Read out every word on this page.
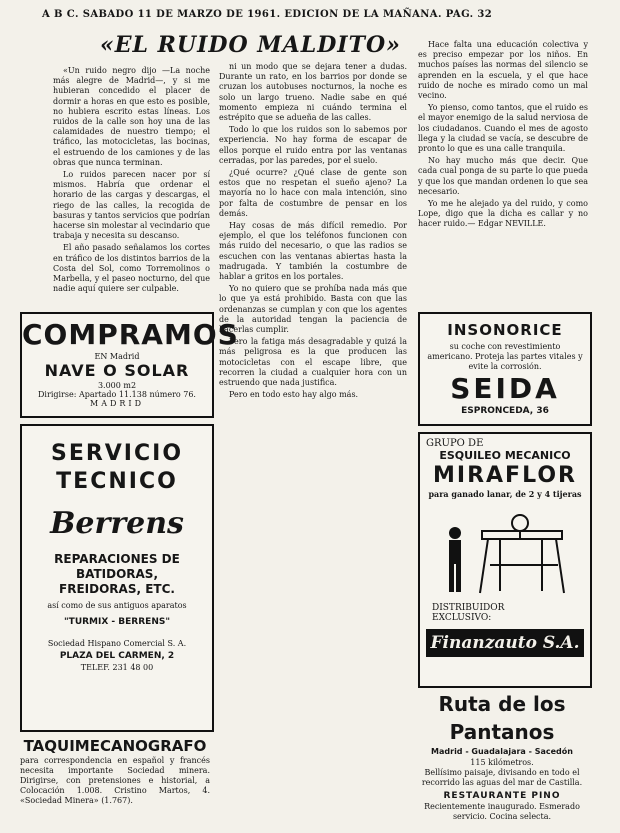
A B C. SABADO 11 DE MARZO DE 1961. EDICION DE LA MAÑANA. PAG. 32
«EL RUIDO MALDITO»

«Un ruido negro dijo —La noche más alegre de Madrid—, y si me hubieran concedido el placer de dormir a horas en que esto es posible, no hubiera escrito estas líneas. Los ruidos de la calle son hoy una de las calamidades de nuestro tiempo; el tráfico, las motocicletas, las bocinas, el estruendo de los camiones y de las obras que nunca terminan.

Lo ruidos parecen nacer por sí mismos. Habría que ordenar el horario de las cargas y descargas, el riego de las calles, la recogida de basuras y tantos servicios que podrían hacerse sin molestar al vecindario que trabaja y necesita su descanso.

El año pasado señalamos los cortes en tráfico de los distintos barrios de la Costa del Sol, como Torremolinos o Marbella, y el paseo nocturno, del que nadie aquí quiere ser culpable.

ni un modo que se dejara tener a dudas. Durante un rato, en los barrios por donde se cruzan los autobuses nocturnos, la noche es solo un largo trueno. Nadie sabe en qué momento empieza ni cuándo termina el estrépito que se adueña de las calles.

Todo lo que los ruidos son lo sabemos por experiencia. No hay forma de escapar de ellos porque el ruido entra por las ventanas cerradas, por las paredes, por el suelo.

¿Qué ocurre? ¿Qué clase de gente son estos que no respetan el sueño ajeno? La mayoría no lo hace con mala intención, sino por falta de costumbre de pensar en los demás.

Hay cosas de más difícil remedio. Por ejemplo, el que los teléfonos funcionen con más ruido del necesario, o que las radios se escuchen con las ventanas abiertas hasta la madrugada. Y también la costumbre de hablar a gritos en los portales.

Yo no quiero que se prohíba nada más que lo que ya está prohibido. Basta con que las ordenanzas se cumplan y con que los agentes de la autoridad tengan la paciencia de hacerlas cumplir.

Pero la fatiga más desagradable y quizá la más peligrosa es la que producen las motocicletas con el escape libre, que recorren la ciudad a cualquier hora con un estruendo que nada justifica.

Pero en todo esto hay algo más.

Hace falta una educación colectiva y es preciso empezar por los niños. En muchos países las normas del silencio se aprenden en la escuela, y el que hace ruido de noche es mirado como un mal vecino.

Yo pienso, como tantos, que el ruido es el mayor enemigo de la salud nerviosa de los ciudadanos. Cuando el mes de agosto llega y la ciudad se vacía, se descubre de pronto lo que es una calle tranquila.

No hay mucho más que decir. Que cada cual ponga de su parte lo que pueda y que los que mandan ordenen lo que sea necesario.

Yo me he alejado ya del ruido, y como Lope, digo que la dicha es callar y no hacer ruido.— Edgar NEVILLE.

COMPRAMOS
EN Madrid
NAVE O SOLAR
3.000 m2
Dirigirse: Apartado 11.138 número 76.
MADRID
SERVICIO
TECNICO
Berrens
REPARACIONES DE BATIDORAS, FREIDORAS, ETC.
así como de sus antiguos aparatos
"TURMIX - BERRENS"
Sociedad Hispano Comercial S. A.
PLAZA DEL CARMEN, 2
TELEF. 231 48 00
TAQUIMECANOGRAFO
para correspondencia en español y francés necesita importante Sociedad minera. Dirigirse, con pretensiones e historial, a Colocación 1.008. Cristino Martos, 4. «Sociedad Minera» (1.767).
INSONORICE
su coche con revestimiento americano. Proteja las partes vitales y evite la corrosión.
SEIDA
ESPRONCEDA, 36
GRUPO DE
ESQUILEO MECANICO
MIRAFLOR
para ganado lanar, de 2 y 4 tijeras
DISTRIBUIDOR
EXCLUSIVO:
Finanzauto S.A.
Ruta de los Pantanos
Madrid - Guadalajara - Sacedón
115 kilómetros.
Bellísimo paisaje, divisando en todo el recorrido las aguas del mar de Castilla.
RESTAURANTE PINO
Recientemente inaugurado. Esmerado servicio. Cocina selecta.
